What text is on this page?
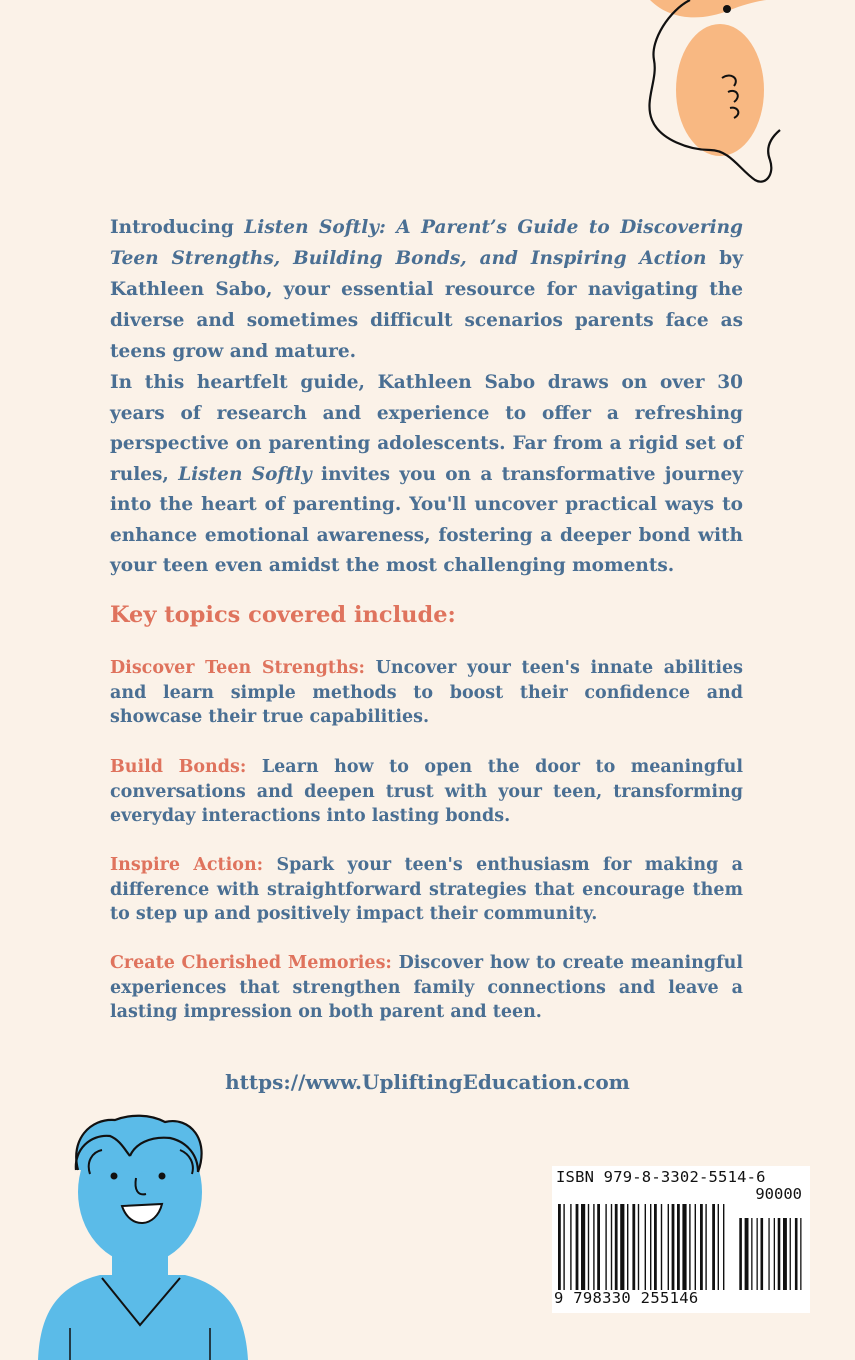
Introducing Listen Softly: A Parent’s Guide to Discovering Teen Strengths, Building Bonds, and Inspiring Action by Kathleen Sabo, your essential resource for navigating the diverse and sometimes difficult scenarios parents face as teens grow and mature.
In this heartfelt guide, Kathleen Sabo draws on over 30 years of research and experience to offer a refreshing perspective on parenting adolescents. Far from a rigid set of rules, Listen Softly invites you on a transformative journey into the heart of parenting. You'll uncover practical ways to enhance emotional awareness, fostering a deeper bond with your teen even amidst the most challenging moments.
Key topics covered include:
Discover Teen Strengths: Uncover your teen's innate abilities and learn simple methods to boost their confidence and showcase their true capabilities.
Build Bonds: Learn how to open the door to meaningful conversations and deepen trust with your teen, transforming everyday interactions into lasting bonds.
Inspire Action: Spark your teen's enthusiasm for making a difference with straightforward strategies that encourage them to step up and positively impact their community.
Create Cherished Memories: Discover how to create meaningful experiences that strengthen family connections and leave a lasting impression on both parent and teen.
https://www.UpliftingEducation.com
ISBN 979-8-3302-5514-6
90000
9 798330 255146
